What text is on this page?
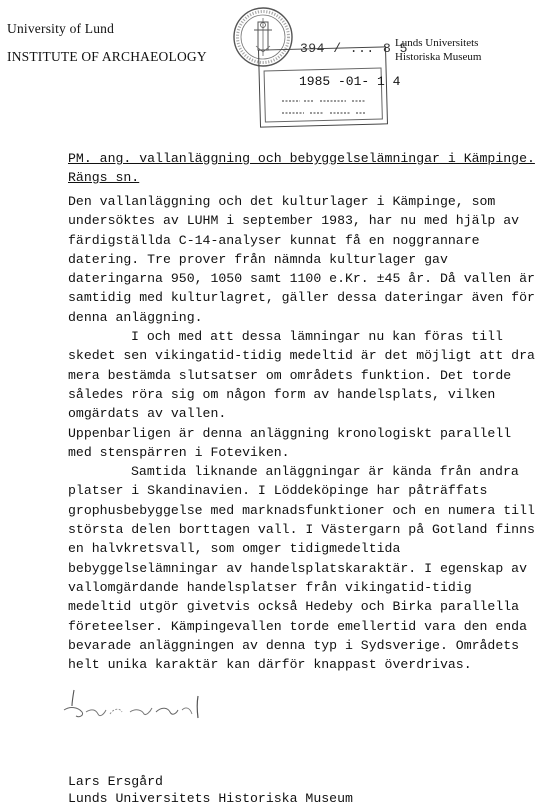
University of Lund
INSTITUTE OF ARCHAEOLOGY
Lunds Universitets
Historiska Museum
394 / ... 8 5
1985 -01- 1 4
PM. ang. vallanläggning och bebyggelselämningar i Kämpinge.
Rängs sn.
Den vallanläggning och det kulturlager i Kämpinge, som
undersöktes av LUHM i september 1983, har nu med hjälp av
färdigställda C-14-analyser kunnat få en noggrannare
datering. Tre prover från nämnda kulturlager gav
dateringarna 950, 1050 samt 1100 e.Kr. ±45 år. Då vallen är
samtidig med kulturlagret, gäller dessa dateringar även för
denna anläggning.
I och med att dessa lämningar nu kan föras till
skedet sen vikingatid-tidig medeltid är det möjligt att dra
mera bestämda slutsatser om områdets funktion. Det torde
således röra sig om någon form av handelsplats, vilken
omgärdats av vallen.
Uppenbarligen är denna anläggning kronologiskt parallell
med stenspärren i Foteviken.
Samtida liknande anläggningar är kända från andra
platser i Skandinavien. I Löddeköpinge har påträffats
grophusbebyggelse med marknadsfunktioner och en numera till
största delen borttagen vall. I Västergarn på Gotland finns
en halvkretsvall, som omger tidigmedeltida
bebyggelselämningar av handelsplatskaraktär. I egenskap av
vallomgärdande handelsplatser från vikingatid-tidig
medeltid utgör givetvis också Hedeby och Birka parallella
företeelser. Kämpingevallen torde emellertid vara den enda
bevarade anläggningen av denna typ i Sydsverige. Områdets
helt unika karaktär kan därför knappast överdrivas.
Lars Ersgård
Lunds Universitets Historiska Museum
